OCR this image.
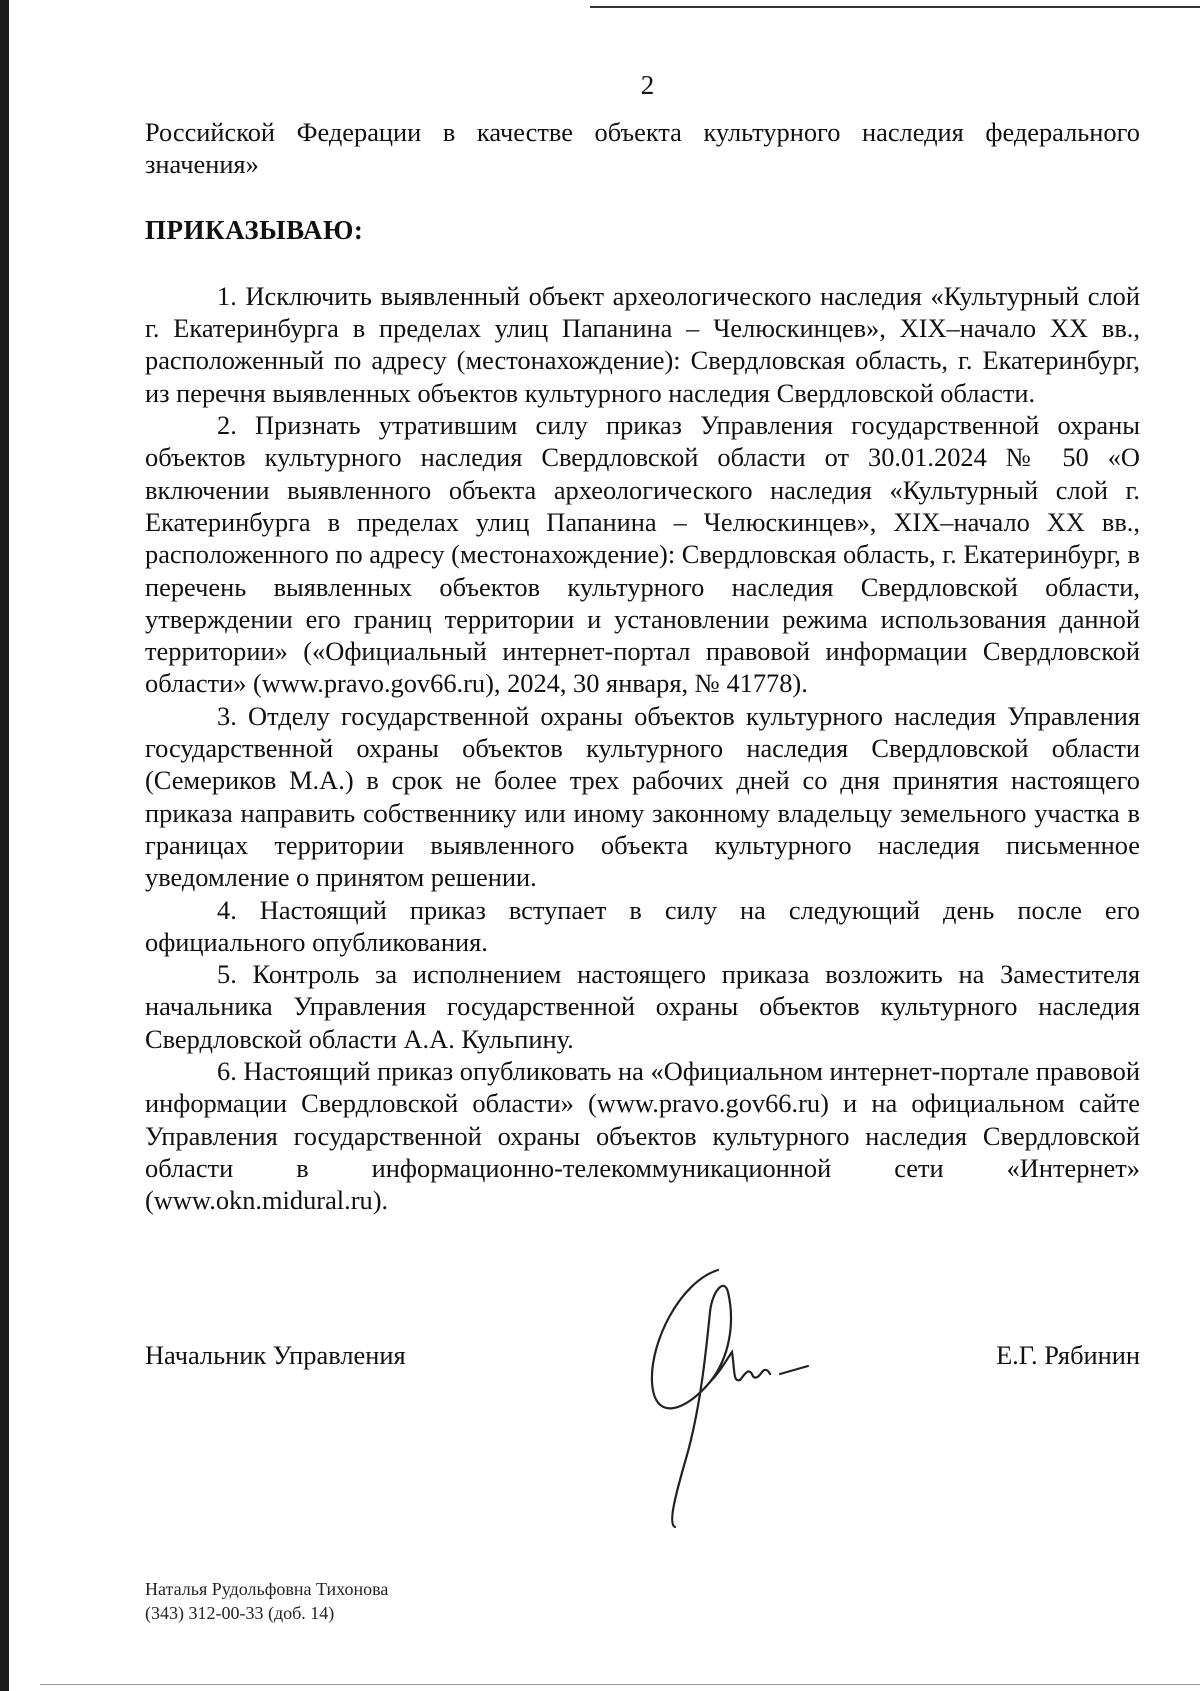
2

Российской Федерации в качестве объекта культурного наследия федерального значения»

ПРИКАЗЫВАЮ:

1. Исключить выявленный объект археологического наследия «Культурный слой г. Екатеринбурга в пределах улиц Папанина – Челюскинцев», XIX–начало XX вв., расположенный по адресу (местонахождение): Свердловская область, г. Екатеринбург, из перечня выявленных объектов культурного наследия Свердловской области.

2. Признать утратившим силу приказ Управления государственной охраны объектов культурного наследия Свердловской области от 30.01.2024 № 50 «О включении выявленного объекта археологического наследия «Культурный слой г. Екатеринбурга в пределах улиц Папанина – Челюскинцев», XIX–начало XX вв., расположенного по адресу (местонахождение): Свердловская область, г. Екатеринбург, в перечень выявленных объектов культурного наследия Свердловской области, утверждении его границ территории и установлении режима использования данной территории» («Официальный интернет-портал правовой информации Свердловской области» (www.pravo.gov66.ru), 2024, 30 января, № 41778).

3. Отделу государственной охраны объектов культурного наследия Управления государственной охраны объектов культурного наследия Свердловской области (Семериков М.А.) в срок не более трех рабочих дней со дня принятия настоящего приказа направить собственнику или иному законному владельцу земельного участка в границах территории выявленного объекта культурного наследия письменное уведомление о принятом решении.

4. Настоящий приказ вступает в силу на следующий день после его официального опубликования.

5. Контроль за исполнением настоящего приказа возложить на Заместителя начальника Управления государственной охраны объектов культурного наследия Свердловской области А.А. Кульпину.

6. Настоящий приказ опубликовать на «Официальном интернет-портале правовой информации Свердловской области» (www.pravo.gov66.ru) и на официальном сайте Управления государственной охраны объектов культурного наследия Свердловской области в информационно-телекоммуникационной сети «Интернет» (www.okn.midural.ru).

Начальник Управления	Е.Г. Рябинин
Наталья Рудольфовна Тихонова
(343) 312-00-33 (доб. 14)
